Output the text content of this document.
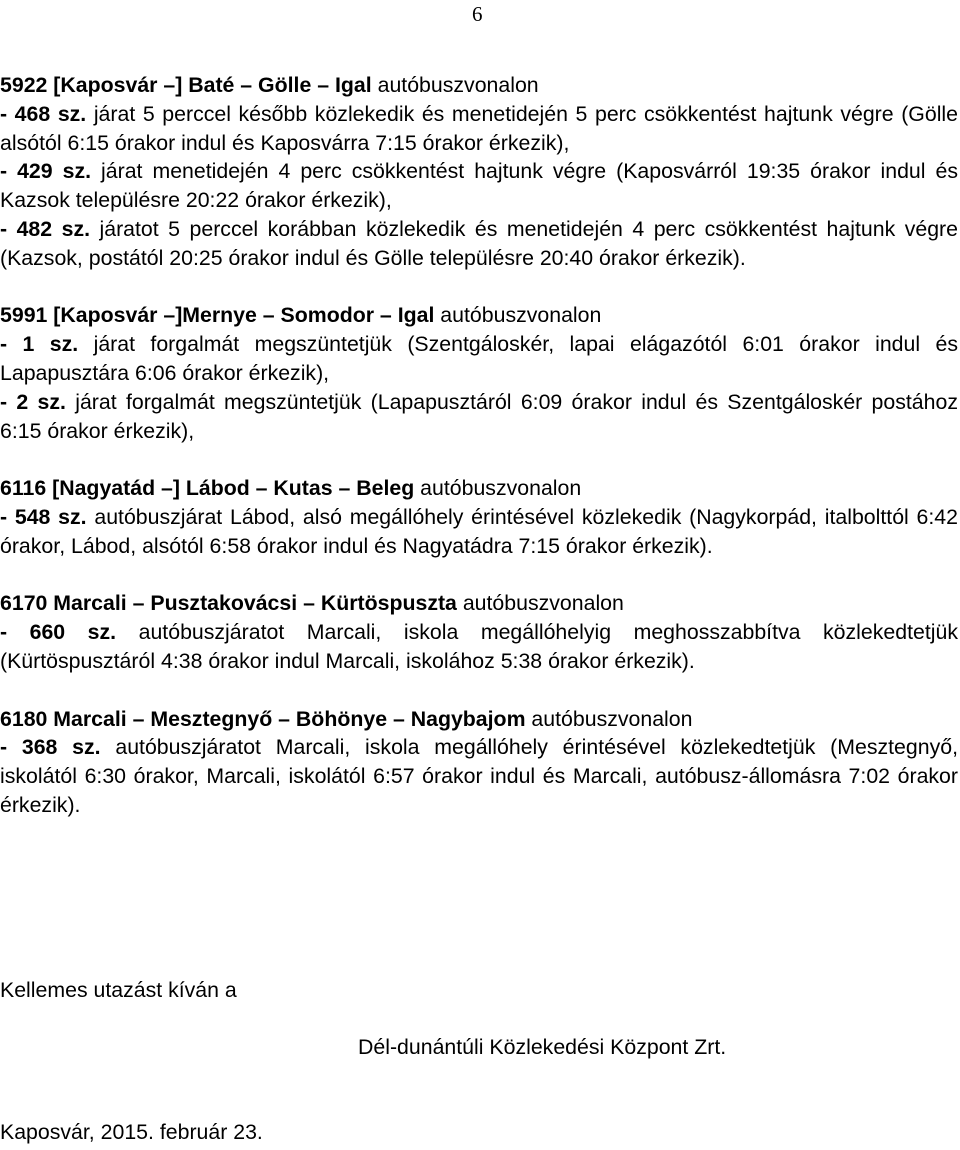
6

5922 [Kaposvár –] Baté – Gölle – Igal autóbuszvonalon

- 468 sz. járat 5 perccel később közlekedik és menetidején 5 perc csökkentést hajtunk végre (Gölle alsótól 6:15 órakor indul és Kaposvárra 7:15 órakor érkezik),

- 429 sz. járat menetidején 4 perc csökkentést hajtunk végre (Kaposvárról 19:35 órakor indul és Kazsok településre 20:22 órakor érkezik),

- 482 sz. járatot 5 perccel korábban közlekedik és menetidején 4 perc csökkentést hajtunk végre (Kazsok, postától 20:25 órakor indul és Gölle településre 20:40 órakor érkezik).

5991 [Kaposvár –]Mernye – Somodor – Igal autóbuszvonalon

- 1 sz. járat forgalmát megszüntetjük (Szentgáloskér, lapai elágazótól 6:01 órakor indul és Lapapusztára 6:06 órakor érkezik),

- 2 sz. járat forgalmát megszüntetjük (Lapapusztáról 6:09 órakor indul és Szentgáloskér postához 6:15 órakor érkezik),

6116 [Nagyatád –] Lábod – Kutas – Beleg autóbuszvonalon

- 548 sz. autóbuszjárat Lábod, alsó megállóhely érintésével közlekedik (Nagykorpád, italbolttól 6:42 órakor, Lábod, alsótól 6:58 órakor indul és Nagyatádra 7:15 órakor érkezik).

6170 Marcali – Pusztakovácsi – Kürtöspuszta autóbuszvonalon

- 660 sz. autóbuszjáratot Marcali, iskola megállóhelyig meghosszabbítva közlekedtetjük (Kürtöspusztáról 4:38 órakor indul Marcali, iskolához 5:38 órakor érkezik).

6180 Marcali – Mesztegnyő – Böhönye – Nagybajom autóbuszvonalon

- 368 sz. autóbuszjáratot Marcali, iskola megállóhely érintésével közlekedtetjük (Mesztegnyő, iskolától 6:30 órakor, Marcali, iskolától 6:57 órakor indul és Marcali, autóbusz-állomásra 7:02 órakor érkezik).

Kellemes utazást kíván a
Dél-dunántúli Közlekedési Központ Zrt.
Kaposvár, 2015. február 23.
